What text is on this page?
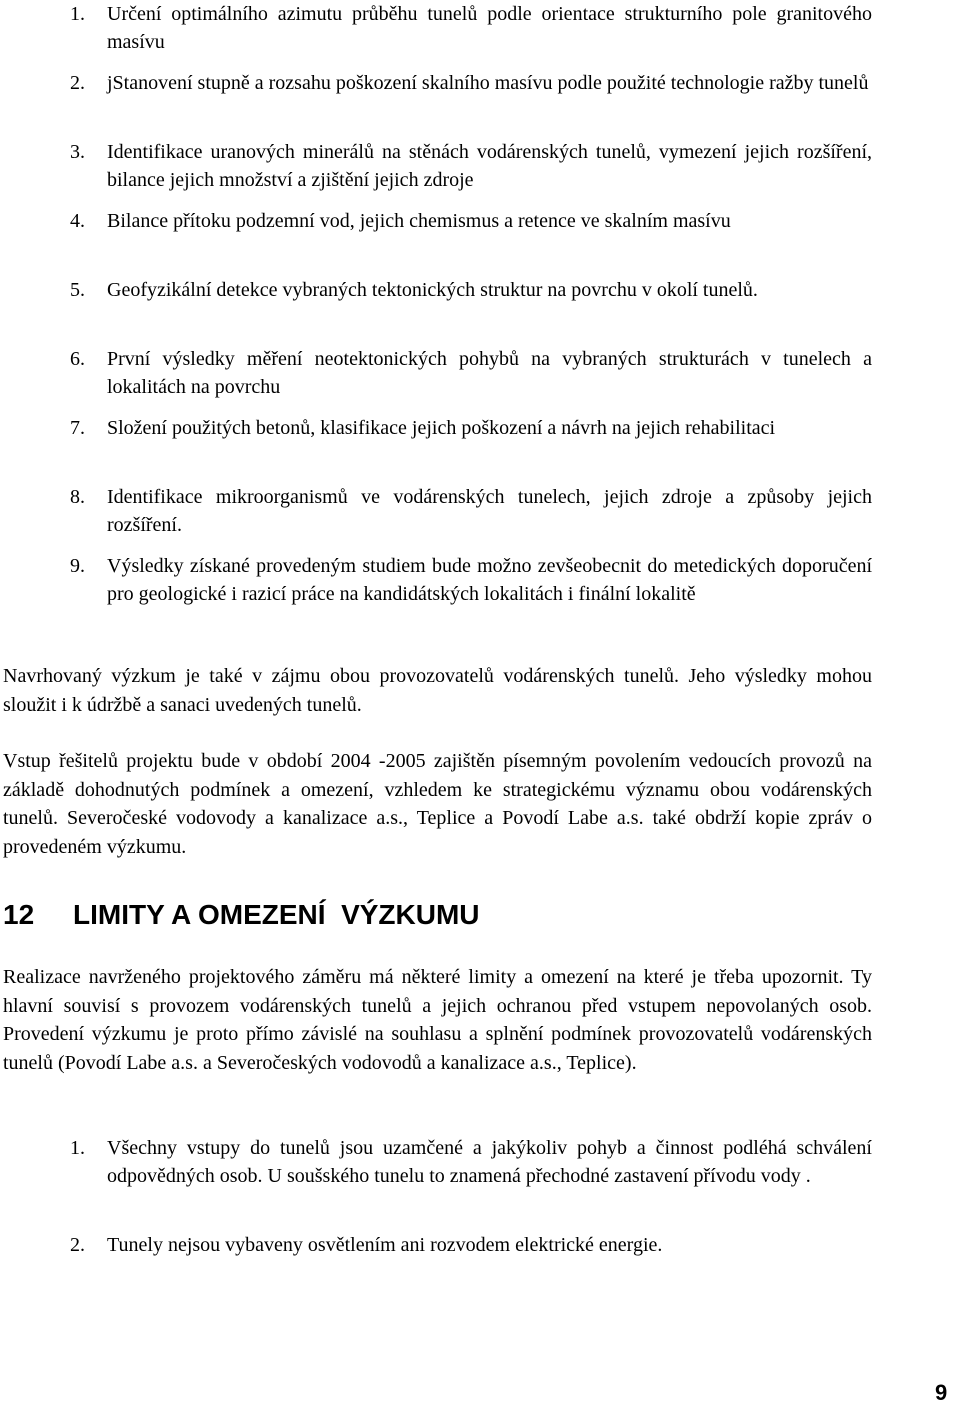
1. Určení optimálního azimutu průběhu tunelů podle orientace strukturního pole granitového masívu
2. jStanovení stupně a rozsahu poškození skalního masívu podle použité technologie ražby tunelů
3. Identifikace uranových minerálů na stěnách vodárenských tunelů, vymezení jejich rozšíření, bilance jejich množství a zjištění jejich zdroje
4. Bilance přítoku podzemní vod, jejich chemismus a retence ve skalním masívu
5. Geofyzikální detekce vybraných tektonických struktur na povrchu v okolí tunelů.
6. První výsledky měření neotektonických pohybů na vybraných strukturách v tunelech a lokalitách na povrchu
7. Složení použitých betonů, klasifikace jejich poškození a návrh na jejich rehabilitaci
8. Identifikace mikroorganismů ve vodárenských tunelech, jejich zdroje a způsoby jejich rozšíření.
9. Výsledky získané provedeným studiem bude možno zevšeobecnit do metedických doporučení pro geologické i razicí práce na kandidátských lokalitách i finální lokalitě

Navrhovaný výzkum je také v zájmu obou provozovatelů vodárenských tunelů. Jeho výsledky mohou sloužit i k údržbě a sanaci uvedených tunelů.

Vstup řešitelů projektu bude v období 2004 -2005 zajištěn písemným povolením vedoucích provozů na základě dohodnutých podmínek a omezení, vzhledem ke strategickému významu obou vodárenských tunelů. Severočeské vodovody a kanalizace a.s., Teplice a Povodí Labe a.s. také obdrží kopie zpráv o provedeném výzkumu.

12 LIMITY A OMEZENÍ  VÝZKUMU

Realizace navrženého projektového záměru má některé limity a omezení na které je třeba upozornit. Ty hlavní souvisí s provozem vodárenských tunelů a jejich ochranou před vstupem nepovolaných osob. Provedení výzkumu je proto přímo závislé na souhlasu a splnění podmínek provozovatelů vodárenských tunelů (Povodí Labe a.s. a Severočeských vodovodů a kanalizace a.s., Teplice).

1. Všechny vstupy do tunelů jsou uzamčené a jakýkoliv pohyb a činnost podléhá schválení odpovědných osob. U soušského tunelu to znamená přechodné zastavení přívodu vody .
2. Tunely nejsou vybaveny osvětlením ani rozvodem elektrické energie.
9
